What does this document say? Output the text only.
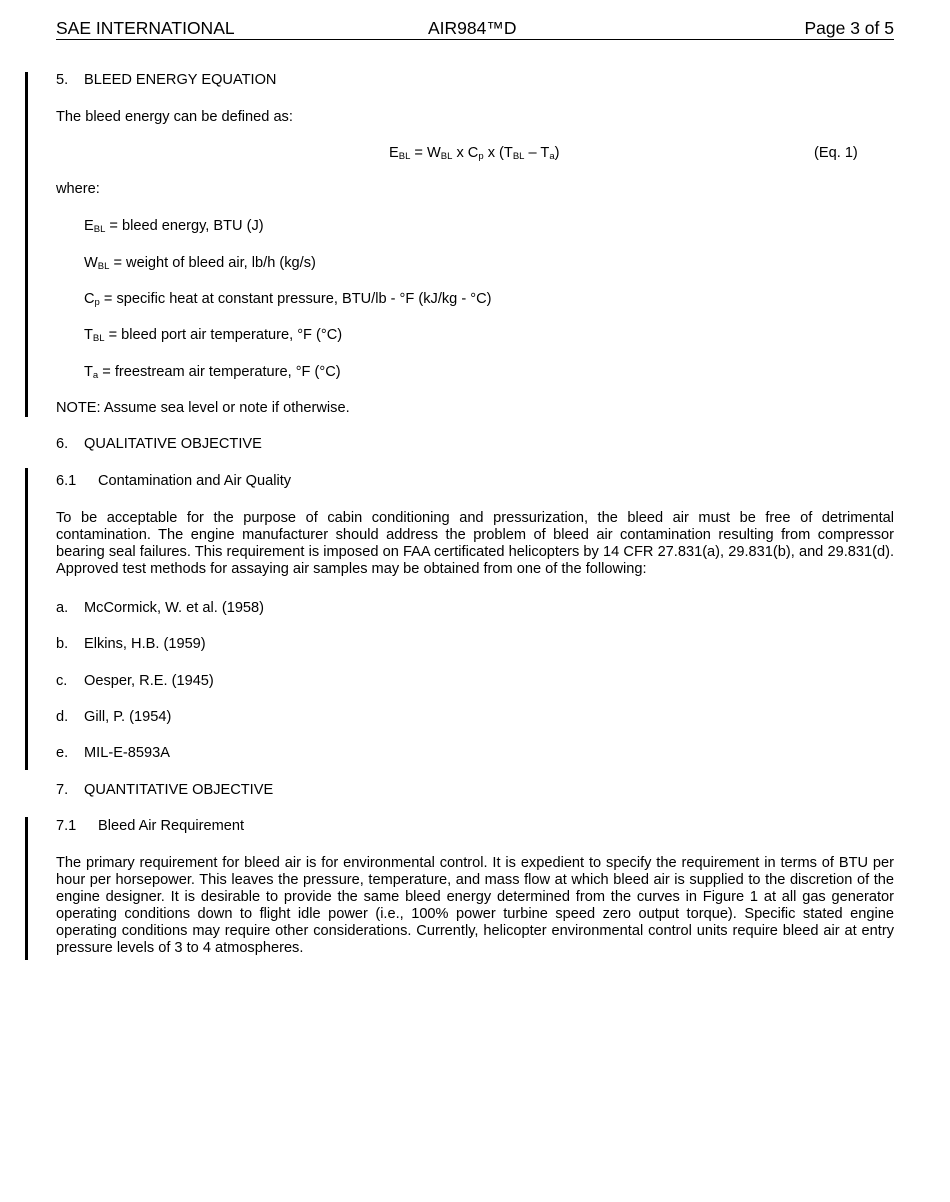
SAE INTERNATIONAL	AIR984™D	Page 3 of 5
5. BLEED ENERGY EQUATION
The bleed energy can be defined as:
EBL = WBL x Cp x (TBL – Ta)	(Eq. 1)
where:
EBL = bleed energy, BTU (J)
WBL = weight of bleed air, lb/h (kg/s)
Cp = specific heat at constant pressure, BTU/lb - °F (kJ/kg - °C)
TBL = bleed port air temperature, °F (°C)
Ta = freestream air temperature, °F (°C)
NOTE: Assume sea level or note if otherwise.
6. QUALITATIVE OBJECTIVE
6.1 Contamination and Air Quality
To be acceptable for the purpose of cabin conditioning and pressurization, the bleed air must be free of detrimental contamination. The engine manufacturer should address the problem of bleed air contamination resulting from compressor bearing seal failures. This requirement is imposed on FAA certificated helicopters by 14 CFR 27.831(a), 29.831(b), and 29.831(d). Approved test methods for assaying air samples may be obtained from one of the following:
a. McCormick, W. et al. (1958)
b. Elkins, H.B. (1959)
c. Oesper, R.E. (1945)
d. Gill, P. (1954)
e. MIL-E-8593A
7. QUANTITATIVE OBJECTIVE
7.1 Bleed Air Requirement
The primary requirement for bleed air is for environmental control. It is expedient to specify the requirement in terms of BTU per hour per horsepower. This leaves the pressure, temperature, and mass flow at which bleed air is supplied to the discretion of the engine designer. It is desirable to provide the same bleed energy determined from the curves in Figure 1 at all gas generator operating conditions down to flight idle power (i.e., 100% power turbine speed zero output torque). Specific stated engine operating conditions may require other considerations. Currently, helicopter environmental control units require bleed air at entry pressure levels of 3 to 4 atmospheres.
